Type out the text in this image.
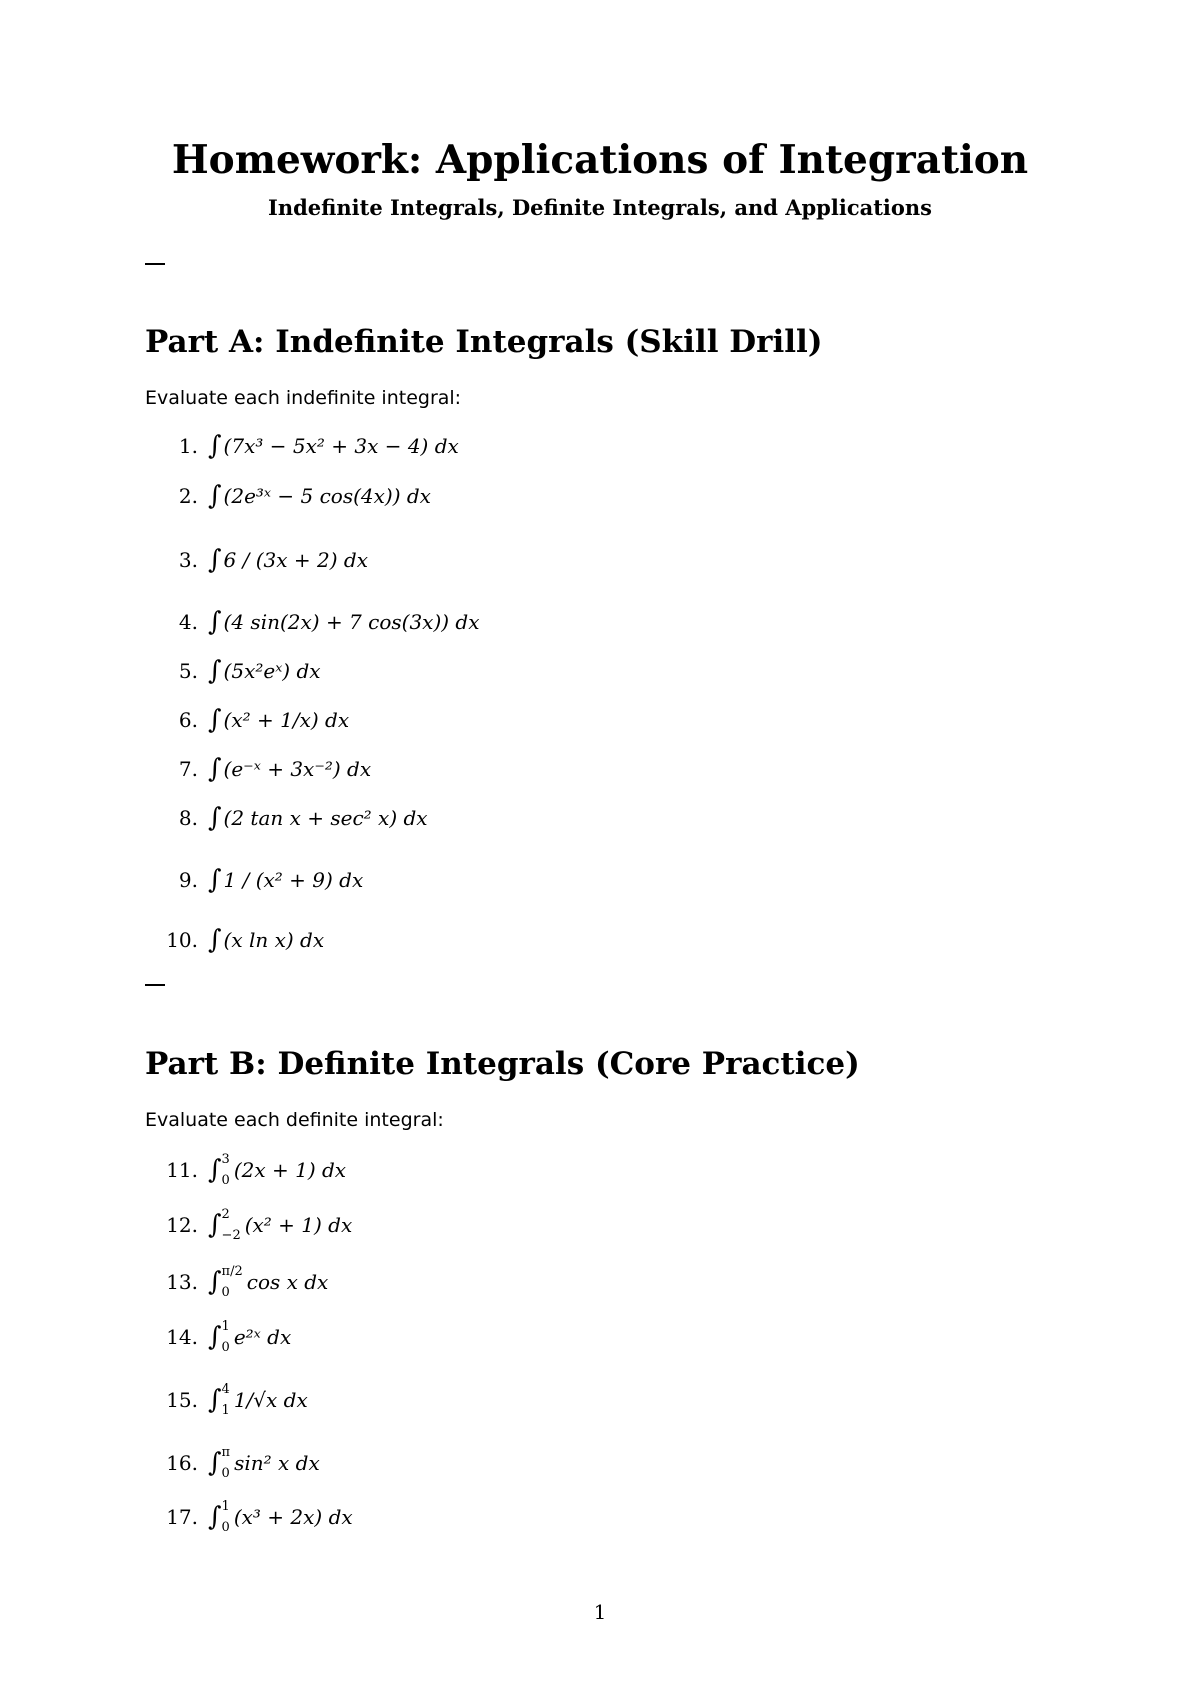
Homework: Applications of Integration
Indefinite Integrals, Definite Integrals, and Applications
Part A: Indefinite Integrals (Skill Drill)
Evaluate each indefinite integral:
1. ∫ (7x³ − 5x² + 3x − 4) dx
2. ∫ (2e³ˣ − 5 cos(4x)) dx
3. ∫ 6 / (3x + 2) dx
4. ∫ (4 sin(2x) + 7 cos(3x)) dx
5. ∫ (5x²eˣ) dx
6. ∫ (x² + 1/x) dx
7. ∫ (e⁻ˣ + 3x⁻²) dx
8. ∫ (2 tan x + sec² x) dx
9. ∫ 1 / (x² + 9) dx
10. ∫ (x ln x) dx
Part B: Definite Integrals (Core Practice)
Evaluate each definite integral:
11. ∫ 3
0 (2x + 1) dx
12. ∫ 2
−2 (x² + 1) dx
13. ∫ π/2
0 cos x dx
14. ∫ 1
0 e²ˣ dx
15. ∫ 4
1 1/√x dx
16. ∫ π
0 sin² x dx
17. ∫ 1
0 (x³ + 2x) dx
1
